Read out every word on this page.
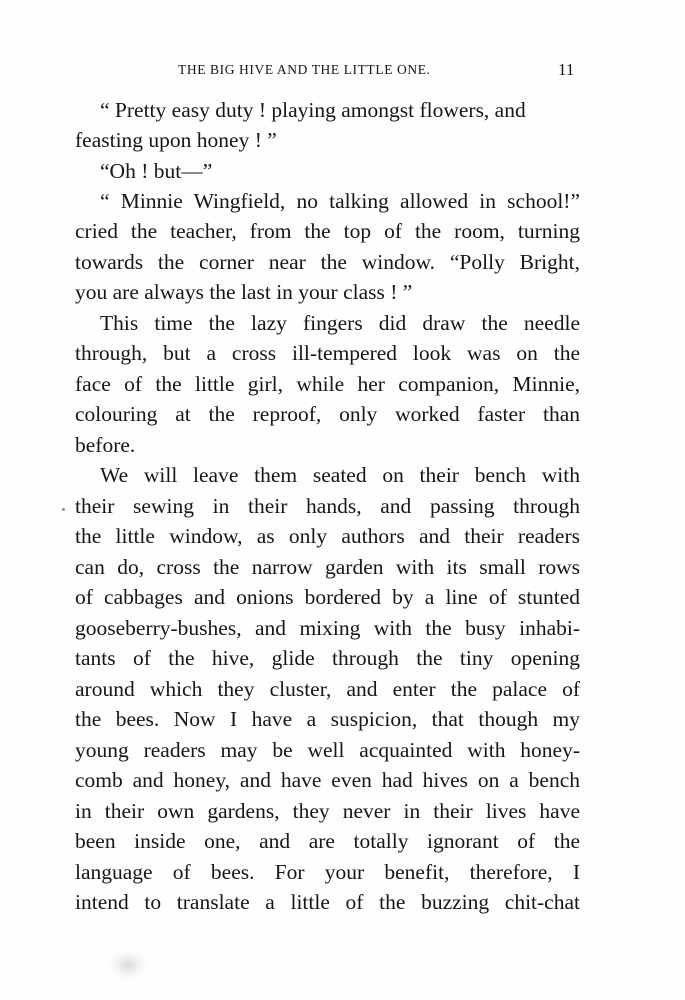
THE BIG HIVE AND THE LITTLE ONE.	11
“ Pretty easy duty ! playing amongst flowers, and
feasting upon honey ! ”
“Oh ! but—”
“ Minnie Wingfield, no talking allowed in school!”
cried the teacher, from the top of the room, turning
towards the corner near the window. “Polly Bright,
you are always the last in your class ! ”
This time the lazy fingers did draw the needle
through, but a cross ill-tempered look was on the
face of the little girl, while her companion, Minnie,
colouring at the reproof, only worked faster than
before.
We will leave them seated on their bench with
their sewing in their hands, and passing through
the little window, as only authors and their readers
can do, cross the narrow garden with its small rows
of cabbages and onions bordered by a line of stunted
gooseberry-bushes, and mixing with the busy inhabi-
tants of the hive, glide through the tiny opening
around which they cluster, and enter the palace of
the bees. Now I have a suspicion, that though my
young readers may be well acquainted with honey-
comb and honey, and have even had hives on a bench
in their own gardens, they never in their lives have
been inside one, and are totally ignorant of the
language of bees. For your benefit, therefore, I
intend to translate a little of the buzzing chit-chat
